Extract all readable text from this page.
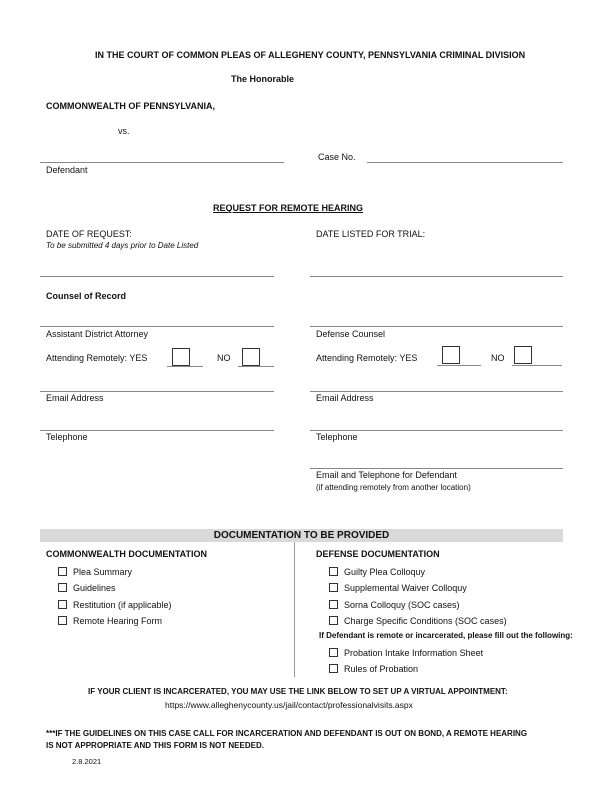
IN THE COURT OF COMMON PLEAS OF ALLEGHENY COUNTY, PENNSYLVANIA CRIMINAL DIVISION
The Honorable
COMMONWEALTH OF PENNSYLVANIA,
vs.
Defendant
Case No.
REQUEST FOR REMOTE HEARING
DATE OF REQUEST:
To be submitted 4 days prior to Date Listed
DATE LISTED FOR TRIAL:
Counsel of Record
Assistant District Attorney	Defense Counsel
Attending Remotely: YES	NO	Attending Remotely: YES	NO
Email Address	Email Address
Telephone	Telephone
Email and Telephone for Defendant
(if attending remotely from another location)
DOCUMENTATION TO BE PROVIDED
COMMONWEALTH DOCUMENTATION
Plea Summary
Guidelines
Restitution (if applicable)
Remote Hearing Form
DEFENSE DOCUMENTATION
Guilty Plea Colloquy
Supplemental Waiver Colloquy
Sorna Colloquy (SOC cases)
Charge Specific Conditions (SOC cases)
If Defendant is remote or incarcerated, please fill out the following:
Probation Intake Information Sheet
Rules of Probation
IF YOUR CLIENT IS INCARCERATED, YOU MAY USE THE LINK BELOW TO SET UP A VIRTUAL APPOINTMENT:
https://www.alleghenycounty.us/jail/contact/professionalvisits.aspx
***IF THE GUIDELINES ON THIS CASE CALL FOR INCARCERATION AND DEFENDANT IS OUT ON BOND, A REMOTE HEARING
IS NOT APPROPRIATE AND THIS FORM IS NOT NEEDED.
2.8.2021
